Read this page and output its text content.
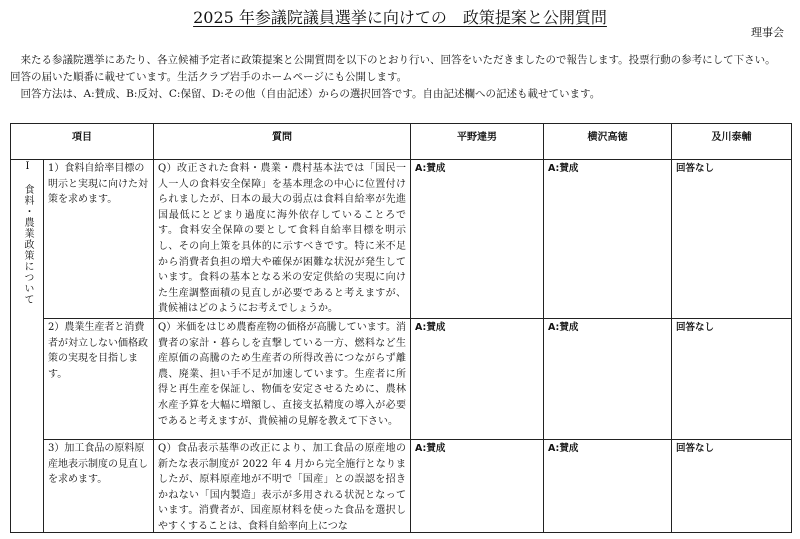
2025 年参議院議員選挙に向けての　政策提案と公開質問
理事会

　来たる参議院選挙にあたり、各立候補予定者に政策提案と公開質問を以下のとおり行い、回答をいただきましたので報告します。投票行動の参考にして下さい。

回答の届いた順番に載せています。生活クラブ岩手のホームページにも公開します。

　回答方法は、A:賛成、B:反対、C:保留、D:その他（自由記述）からの選択回答です。自由記述欄への記述も載せています。

項目		質問	平野達男	横沢高徳	及川泰輔
Ⅰ　食料・農業政策について	1）食料自給率目標の明示と実現に向けた対策を求めます。	Q）改正された食料・農業・農村基本法では「国民一人一人の食料安全保障」を基本理念の中心に位置付けられましたが、日本の最大の弱点は食料自給率が先進国最低にとどまり過度に海外依存していることろです。食料安全保障の要として食料自給率目標を明示し、その向上策を具体的に示すべきです。特に米不足から消費者負担の増大や確保が困難な状況が発生しています。食料の基本となる米の安定供給の実現に向けた生産調整面積の見直しが必要であると考えますが、貴候補はどのようにお考えでしょうか。	A:賛成	A:賛成	回答なし
	2）農業生産者と消費者が対立しない価格政策の実現を目指します。	Q）米価をはじめ農畜産物の価格が高騰しています。消費者の家計・暮らしを直撃している一方、燃料など生産原価の高騰のため生産者の所得改善につながらず離農、廃業、担い手不足が加速しています。生産者に所得と再生産を保証し、物価を安定させるために、農林水産予算を大幅に増額し、直接支払精度の導入が必要であると考えますが、貴候補の見解を教えて下さい。	A:賛成	A:賛成	回答なし

	3）加工食品の原料原産地表示制度の見直しを求めます。	Q）食品表示基準の改正により、加工食品の原産地の新たな表示制度が 2022 年 4 月から完全施行となりましたが、原料原産地が不明で「国産」との誤認を招きかねない「国内製造」表示が多用される状況となっています。消費者が、国産原材料を使った食品を選択しやすくすることは、食料自給率向上につな	A:賛成	A:賛成	回答なし
